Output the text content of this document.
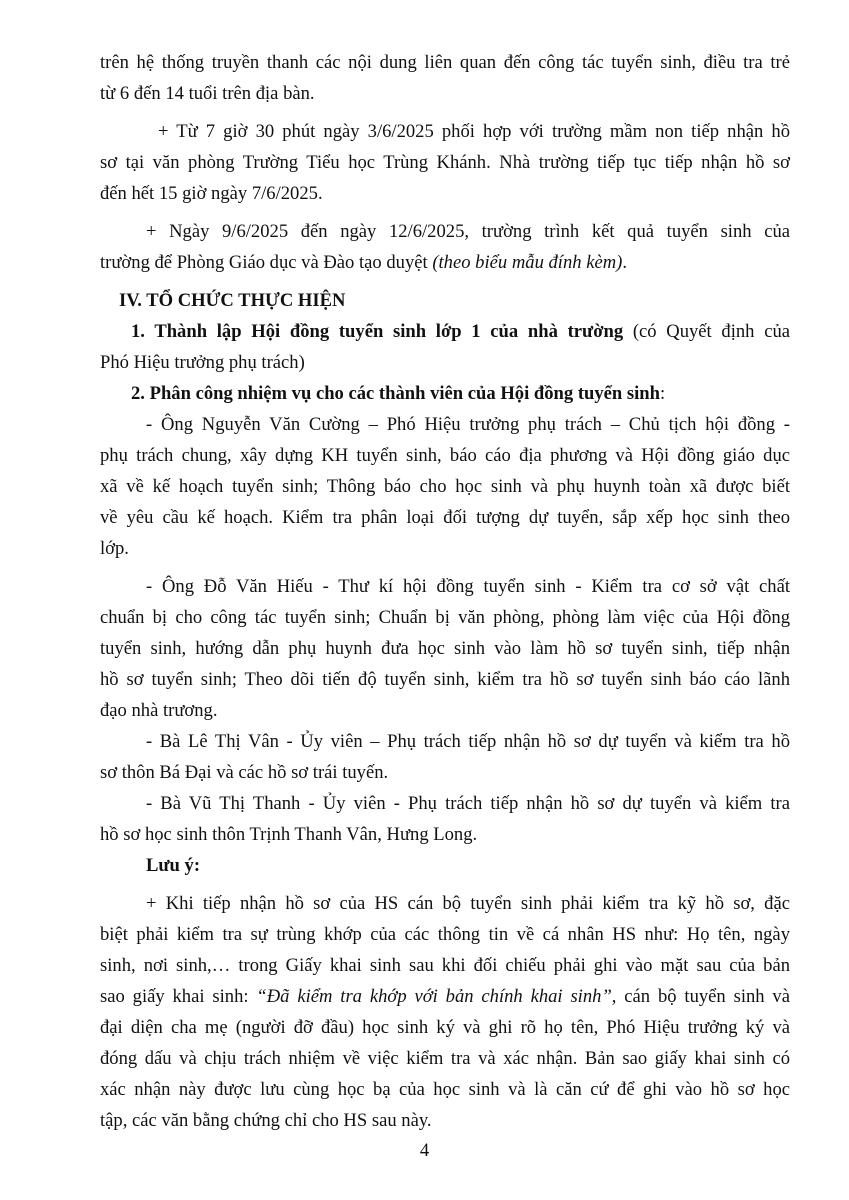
trên hệ thống truyền thanh các nội dung liên quan đến công tác tuyển sinh, điều tra trẻ
từ 6 đến 14 tuổi trên địa bàn.
+ Từ 7 giờ 30 phút ngày 3/6/2025 phối hợp với trường mầm non tiếp nhận hồ
sơ tại văn phòng Trường Tiểu học Trùng Khánh. Nhà trường tiếp tục tiếp nhận hồ sơ
đến hết 15 giờ ngày 7/6/2025.
+ Ngày 9/6/2025 đến ngày 12/6/2025, trường trình kết quả tuyển sinh của
trường để Phòng Giáo dục và Đào tạo duyệt (theo biểu mẫu đính kèm).
IV. TỔ CHỨC THỰC HIỆN
1. Thành lập Hội đồng tuyển sinh lớp 1 của nhà trường (có Quyết định của
Phó Hiệu trưởng phụ trách)
2. Phân công nhiệm vụ cho các thành viên của Hội đồng tuyển sinh:
- Ông Nguyễn Văn Cường – Phó Hiệu trưởng phụ trách – Chủ tịch hội đồng -
phụ trách chung, xây dựng KH tuyển sinh, báo cáo địa phương và Hội đồng giáo dục
xã về kế hoạch tuyển sinh; Thông báo cho học sinh và phụ huynh toàn xã được biết
về yêu cầu kế hoạch. Kiểm tra phân loại đối tượng dự tuyển, sắp xếp học sinh theo
lớp.
- Ông Đỗ Văn Hiếu - Thư kí hội đồng tuyển sinh - Kiểm tra cơ sở vật chất
chuẩn bị cho công tác tuyển sinh; Chuẩn bị văn phòng, phòng làm việc của Hội đồng
tuyển sinh, hướng dẫn phụ huynh đưa học sinh vào làm hồ sơ tuyển sinh, tiếp nhận
hồ sơ tuyển sinh; Theo dõi tiến độ tuyển sinh, kiểm tra hồ sơ tuyển sinh báo cáo lãnh
đạo nhà trương.
- Bà Lê Thị Vân - Ủy viên – Phụ trách tiếp nhận hồ sơ dự tuyển và kiểm tra hồ
sơ thôn Bá Đại và các hồ sơ trái tuyến.
- Bà Vũ Thị Thanh - Ủy viên - Phụ trách tiếp nhận hồ sơ dự tuyển và kiểm tra
hồ sơ học sinh thôn Trịnh Thanh Vân, Hưng Long.
Lưu ý:
+ Khi tiếp nhận hồ sơ của HS cán bộ tuyển sinh phải kiểm tra kỹ hồ sơ, đặc
biệt phải kiểm tra sự trùng khớp của các thông tin về cá nhân HS như: Họ tên, ngày
sinh, nơi sinh,… trong Giấy khai sinh sau khi đối chiếu phải ghi vào mặt sau của bản
sao giấy khai sinh: “Đã kiểm tra khớp với bản chính khai sinh”, cán bộ tuyển sinh và
đại diện cha mẹ (người đỡ đầu) học sinh ký và ghi rõ họ tên, Phó Hiệu trưởng ký và
đóng dấu và chịu trách nhiệm về việc kiểm tra và xác nhận. Bản sao giấy khai sinh có
xác nhận này được lưu cùng học bạ của học sinh và là căn cứ để ghi vào hồ sơ học
tập, các văn bằng chứng chỉ cho HS sau này.
4
